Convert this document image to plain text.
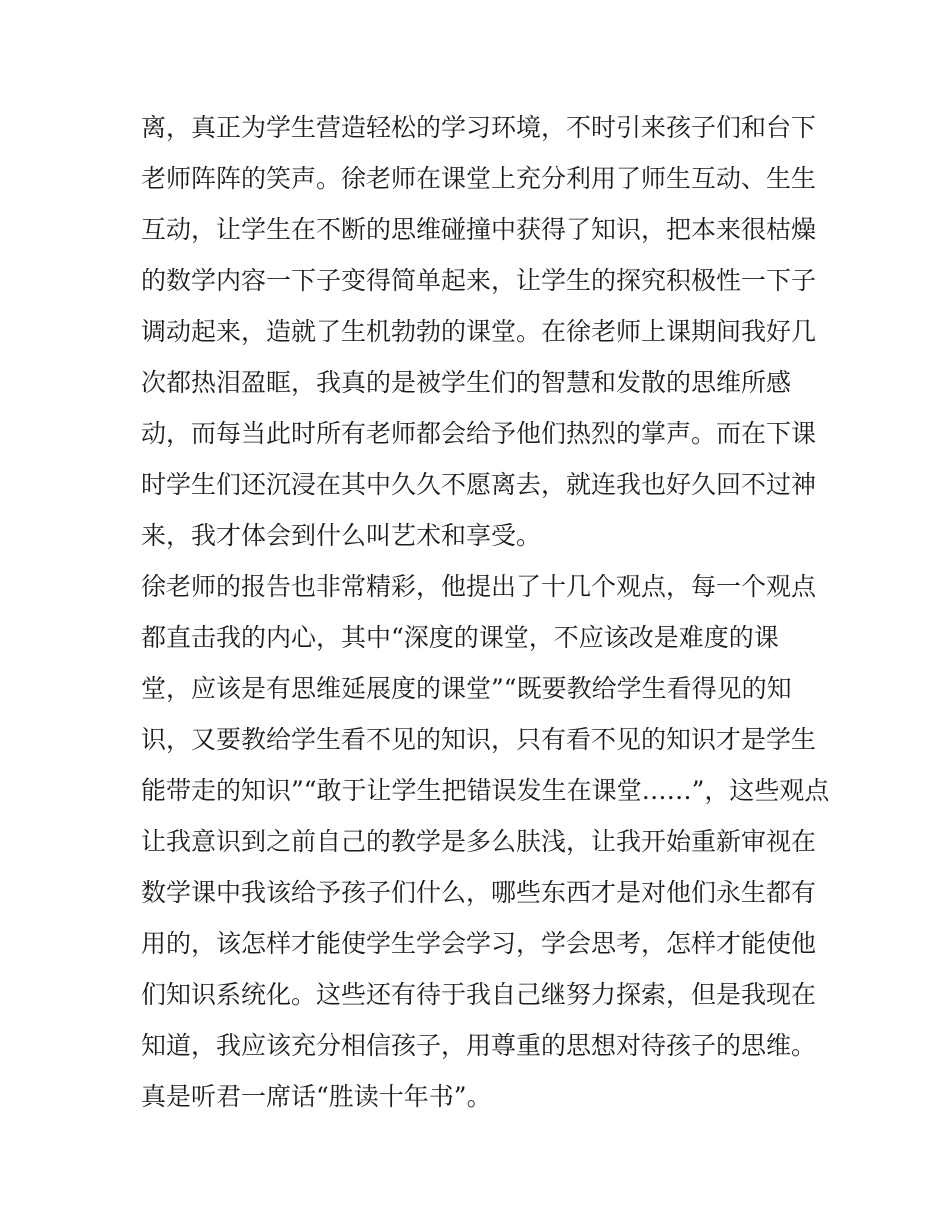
离，真正为学生营造轻松的学习环境，不时引来孩子们和台下
老师阵阵的笑声。徐老师在课堂上充分利用了师生互动、生生
互动，让学生在不断的思维碰撞中获得了知识，把本来很枯燥
的数学内容一下子变得简单起来，让学生的探究积极性一下子
调动起来，造就了生机勃勃的课堂。在徐老师上课期间我好几
次都热泪盈眶，我真的是被学生们的智慧和发散的思维所感
动，而每当此时所有老师都会给予他们热烈的掌声。而在下课
时学生们还沉浸在其中久久不愿离去，就连我也好久回不过神
来，我才体会到什么叫艺术和享受。
徐老师的报告也非常精彩，他提出了十几个观点，每一个观点
都直击我的内心，其中“深度的课堂，不应该改是难度的课
堂，应该是有思维延展度的课堂”“既要教给学生看得见的知
识，又要教给学生看不见的知识，只有看不见的知识才是学生
能带走的知识”“敢于让学生把错误发生在课堂……”，这些观点
让我意识到之前自己的教学是多么肤浅，让我开始重新审视在
数学课中我该给予孩子们什么，哪些东西才是对他们永生都有
用的，该怎样才能使学生学会学习，学会思考，怎样才能使他
们知识系统化。这些还有待于我自己继努力探索，但是我现在
知道，我应该充分相信孩子，用尊重的思想对待孩子的思维。
真是听君一席话“胜读十年书”。
